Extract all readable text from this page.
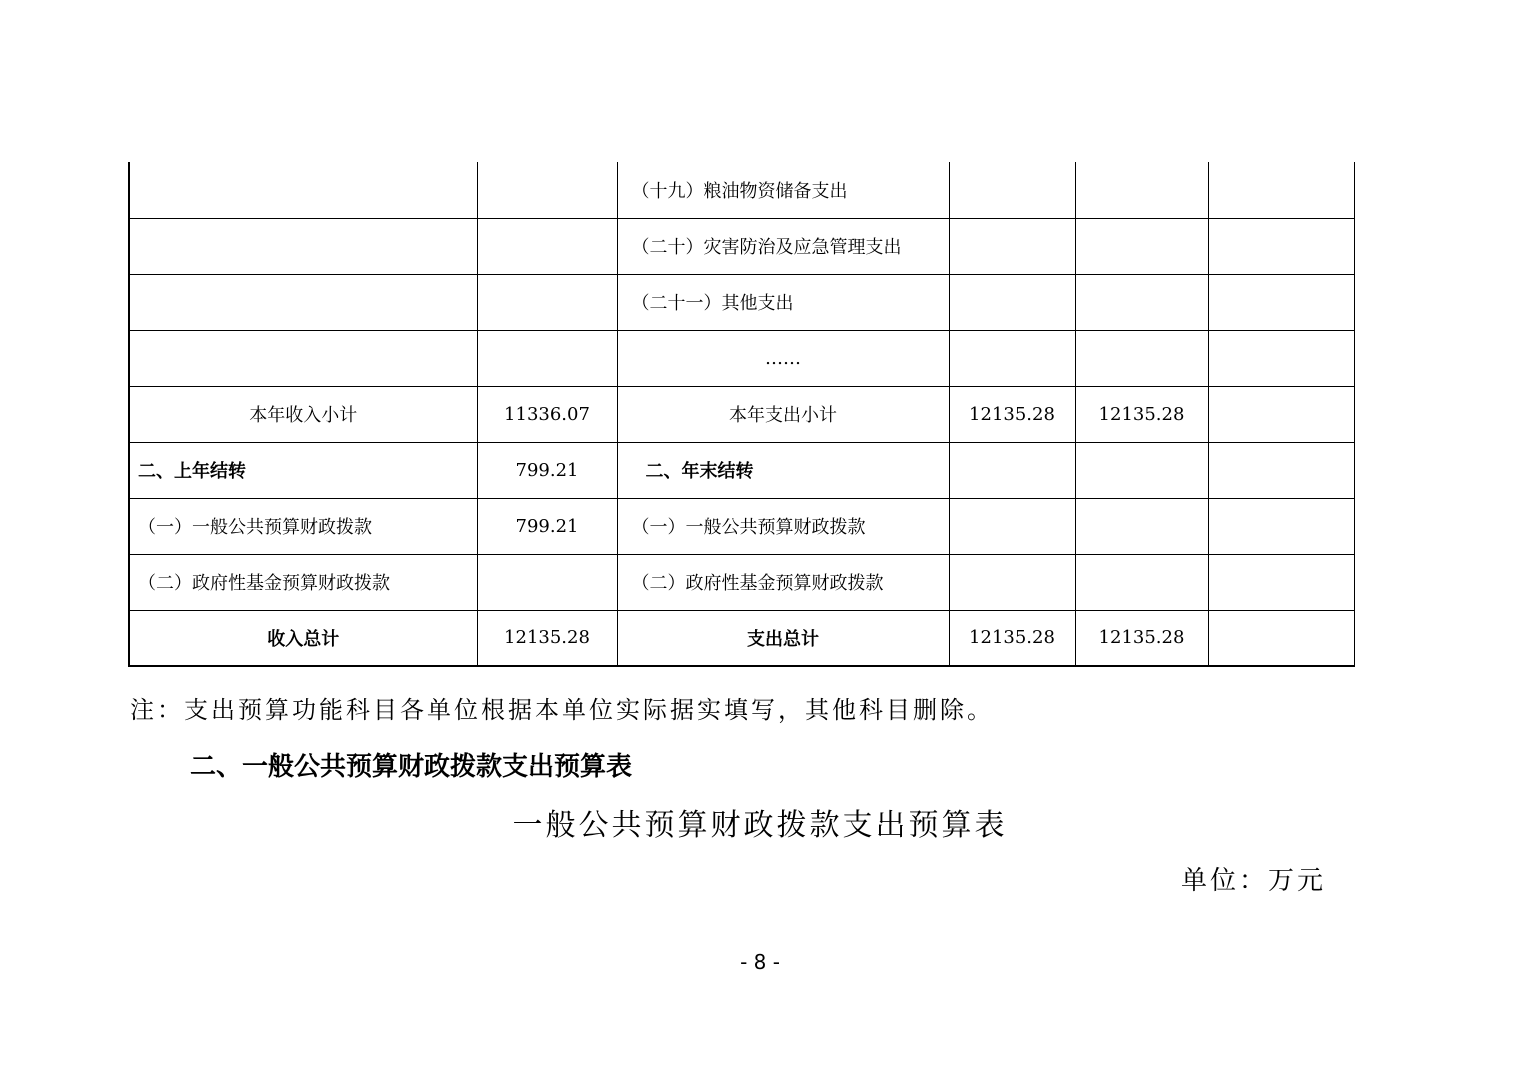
		（十九）粮油物资储备支出			
		（二十）灾害防治及应急管理支出			
		（二十一）其他支出			
		……			
本年收入小计	11336.07	本年支出小计	12135.28	12135.28	
二、上年结转	799.21	二、年末结转			
（一）一般公共预算财政拨款	799.21	（一）一般公共预算财政拨款			
（二）政府性基金预算财政拨款		（二）政府性基金预算财政拨款			
收入总计	12135.28	支出总计	12135.28	12135.28	
注：支出预算功能科目各单位根据本单位实际据实填写，其他科目删除。
二、一般公共预算财政拨款支出预算表
一般公共预算财政拨款支出预算表
单位：万元
- 8 -
